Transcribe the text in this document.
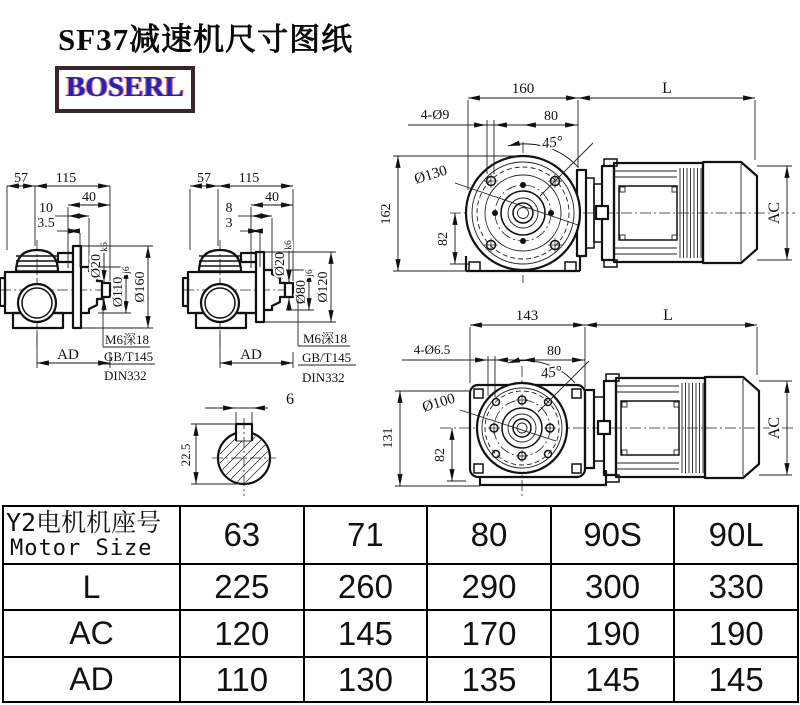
SF37减速机尺寸图纸
BOSERL
57 115
40
10
3.5
Ø20
k6
Ø110
j6
Ø160
AD
M6深18
GB/T145
DIN332
57 115
40
8
3
Ø20
k6
Ø80
j6 Ø120
AD
M6深18
GB/T145
DIN332
6
22.5
160	L
4-Ø9	80
45°
Ø130
162
82
AC
143	L
4-Ø6.5	80
45°
Ø100
131
82
AC
Y2电机机座号
Motor Size	63	71	80	90S	90L
L	225	260	290	300	330
AC	120	145	170	190	190
AD	110	130	135	145	145
